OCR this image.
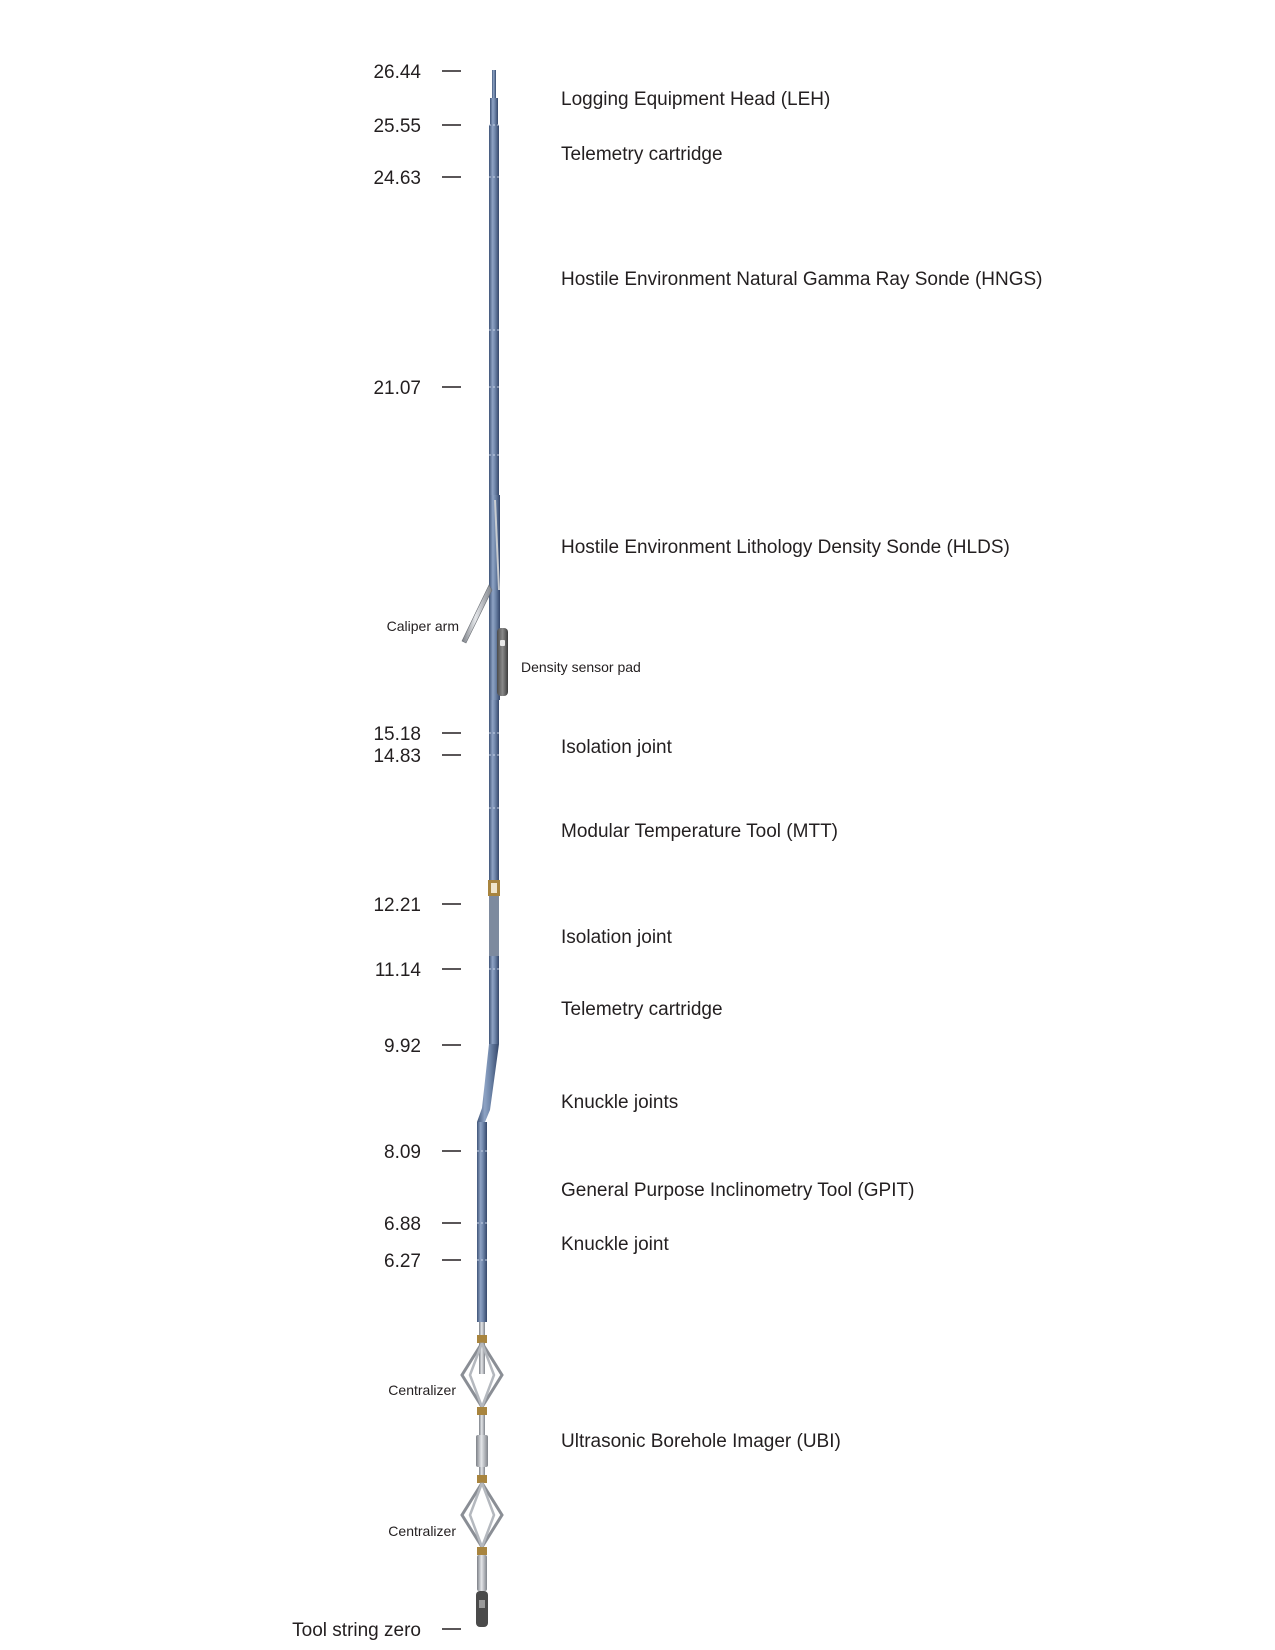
26.44
25.55
24.63
21.07
15.18
14.83
12.21
11.14
9.92
8.09
6.88
6.27
Tool string zero
Logging Equipment Head (LEH)
Telemetry cartridge
Hostile Environment Natural Gamma Ray Sonde (HNGS)
Hostile Environment Lithology Density Sonde (HLDS)
Isolation joint
Modular Temperature Tool (MTT)
Isolation joint
Telemetry cartridge
Knuckle joints
General Purpose Inclinometry Tool (GPIT)
Knuckle joint
Ultrasonic Borehole Imager (UBI)
Caliper arm
Density sensor pad
Centralizer
Centralizer
